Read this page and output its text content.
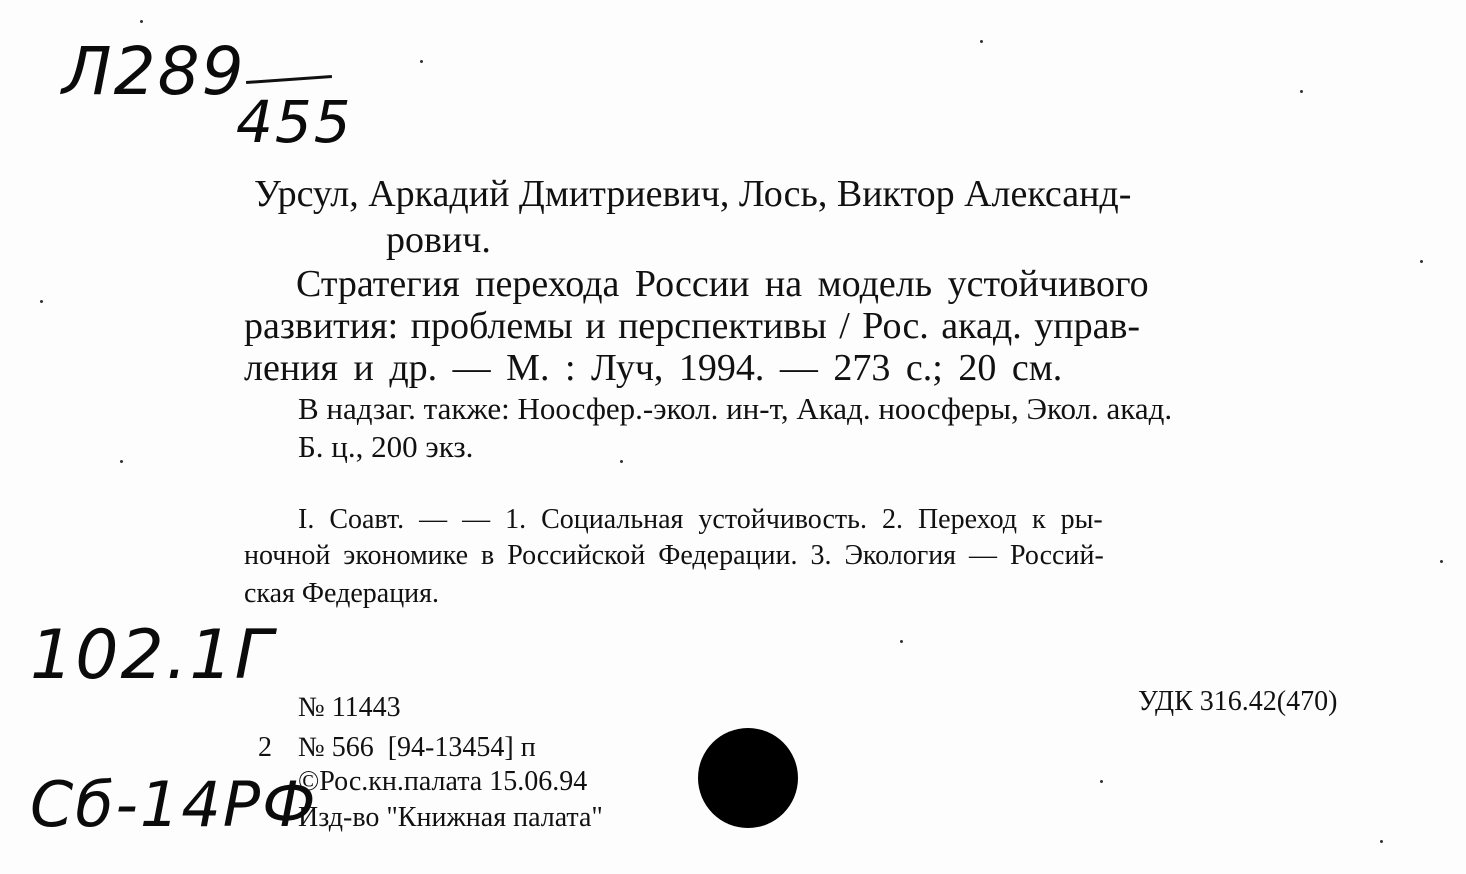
Л289
455
Урсул, Аркадий Дмитриевич, Лось, Виктор Александ-
рович.
Стратегия перехода России на модель устойчивого
развития: проблемы и перспективы / Рос. акад. управ-
ления и др. — М. : Луч, 1994. — 273 с.; 20 см.
В надзаг. также: Ноосфер.-экол. ин-т, Акад. ноосферы, Экол. акад.
Б. ц., 200 экз.
I. Соавт. — — 1. Социальная устойчивость. 2. Переход к ры-
ночной экономике в Российской Федерации. 3. Экология — Россий-
ская Федерация.
102.1Г
№ 11443	УДК 316.42(470)
2 № 566  [94-13454] п
©Рос.кн.палата 15.06.94
Изд-во "Книжная палата"
Сб-14РФ
